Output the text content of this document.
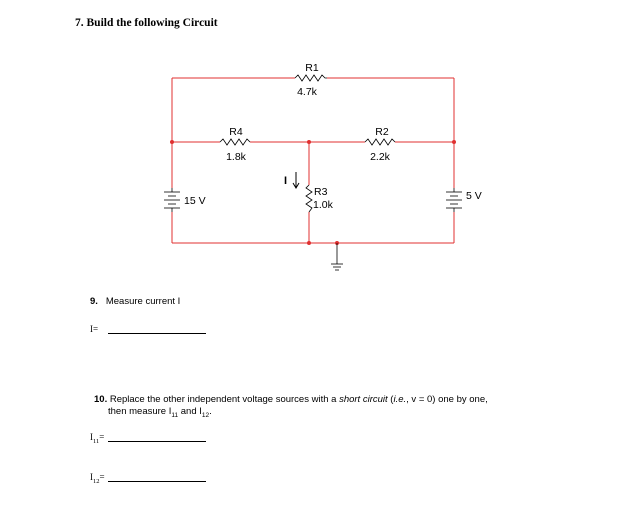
7. Build the following Circuit
R1
4.7k
R4
1.8k
R2
2.2k
R3
1.0k
15 V	5 V
I
9. Measure current I
I=
10. Replace the other independent voltage sources with a short circuit (i.e., v = 0) one by one,
then measure $I_{11}$ and $I_{12}$.
$I_{11}=$
$I_{12}=$
